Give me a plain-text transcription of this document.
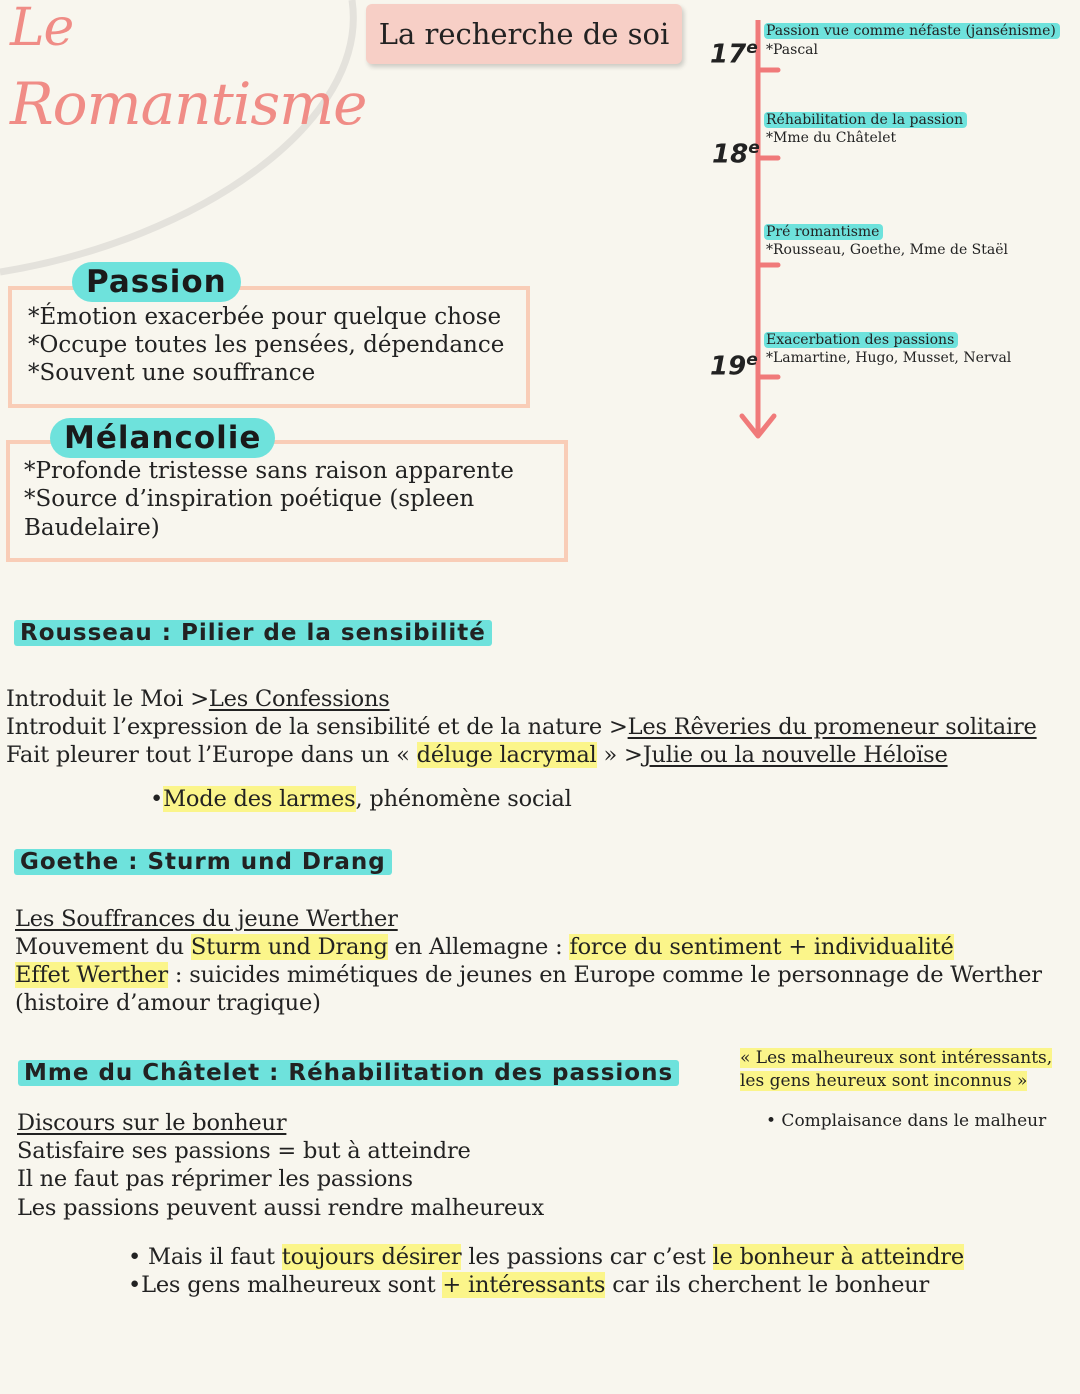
Le
Romantisme
La recherche de soi
17e
18e
19e
Passion vue comme néfaste (jansénisme)
*Pascal
Réhabilitation de la passion
*Mme du Châtelet
Pré romantisme
*Rousseau, Goethe, Mme de Staël
Exacerbation des passions
*Lamartine, Hugo, Musset, Nerval
Passion
*Émotion exacerbée pour quelque chose
*Occupe toutes les pensées, dépendance
*Souvent une souffrance
Mélancolie
*Profonde tristesse sans raison apparente
*Source d’inspiration poétique (spleen
Baudelaire)
Rousseau : Pilier de la sensibilité
Introduit le Moi >Les Confessions
Introduit l’expression de la sensibilité et de la nature >Les Rêveries du promeneur solitaire
Fait pleurer tout l’Europe dans un « déluge lacrymal » >Julie ou la nouvelle Héloïse
•Mode des larmes, phénomène social
Goethe : Sturm und Drang
Les Souffrances du jeune Werther
Mouvement du Sturm und Drang en Allemagne : force du sentiment + individualité
Effet Werther : suicides mimétiques de jeunes en Europe comme le personnage de Werther
(histoire d’amour tragique)
Mme du Châtelet : Réhabilitation des passions
« Les malheureux sont intéressants,
les gens heureux sont inconnus »
• Complaisance dans le malheur
Discours sur le bonheur
Satisfaire ses passions = but à atteindre
Il ne faut pas réprimer les passions
Les passions peuvent aussi rendre malheureux
• Mais il faut toujours désirer les passions car c’est le bonheur à atteindre
•Les gens malheureux sont + intéressants car ils cherchent le bonheur
